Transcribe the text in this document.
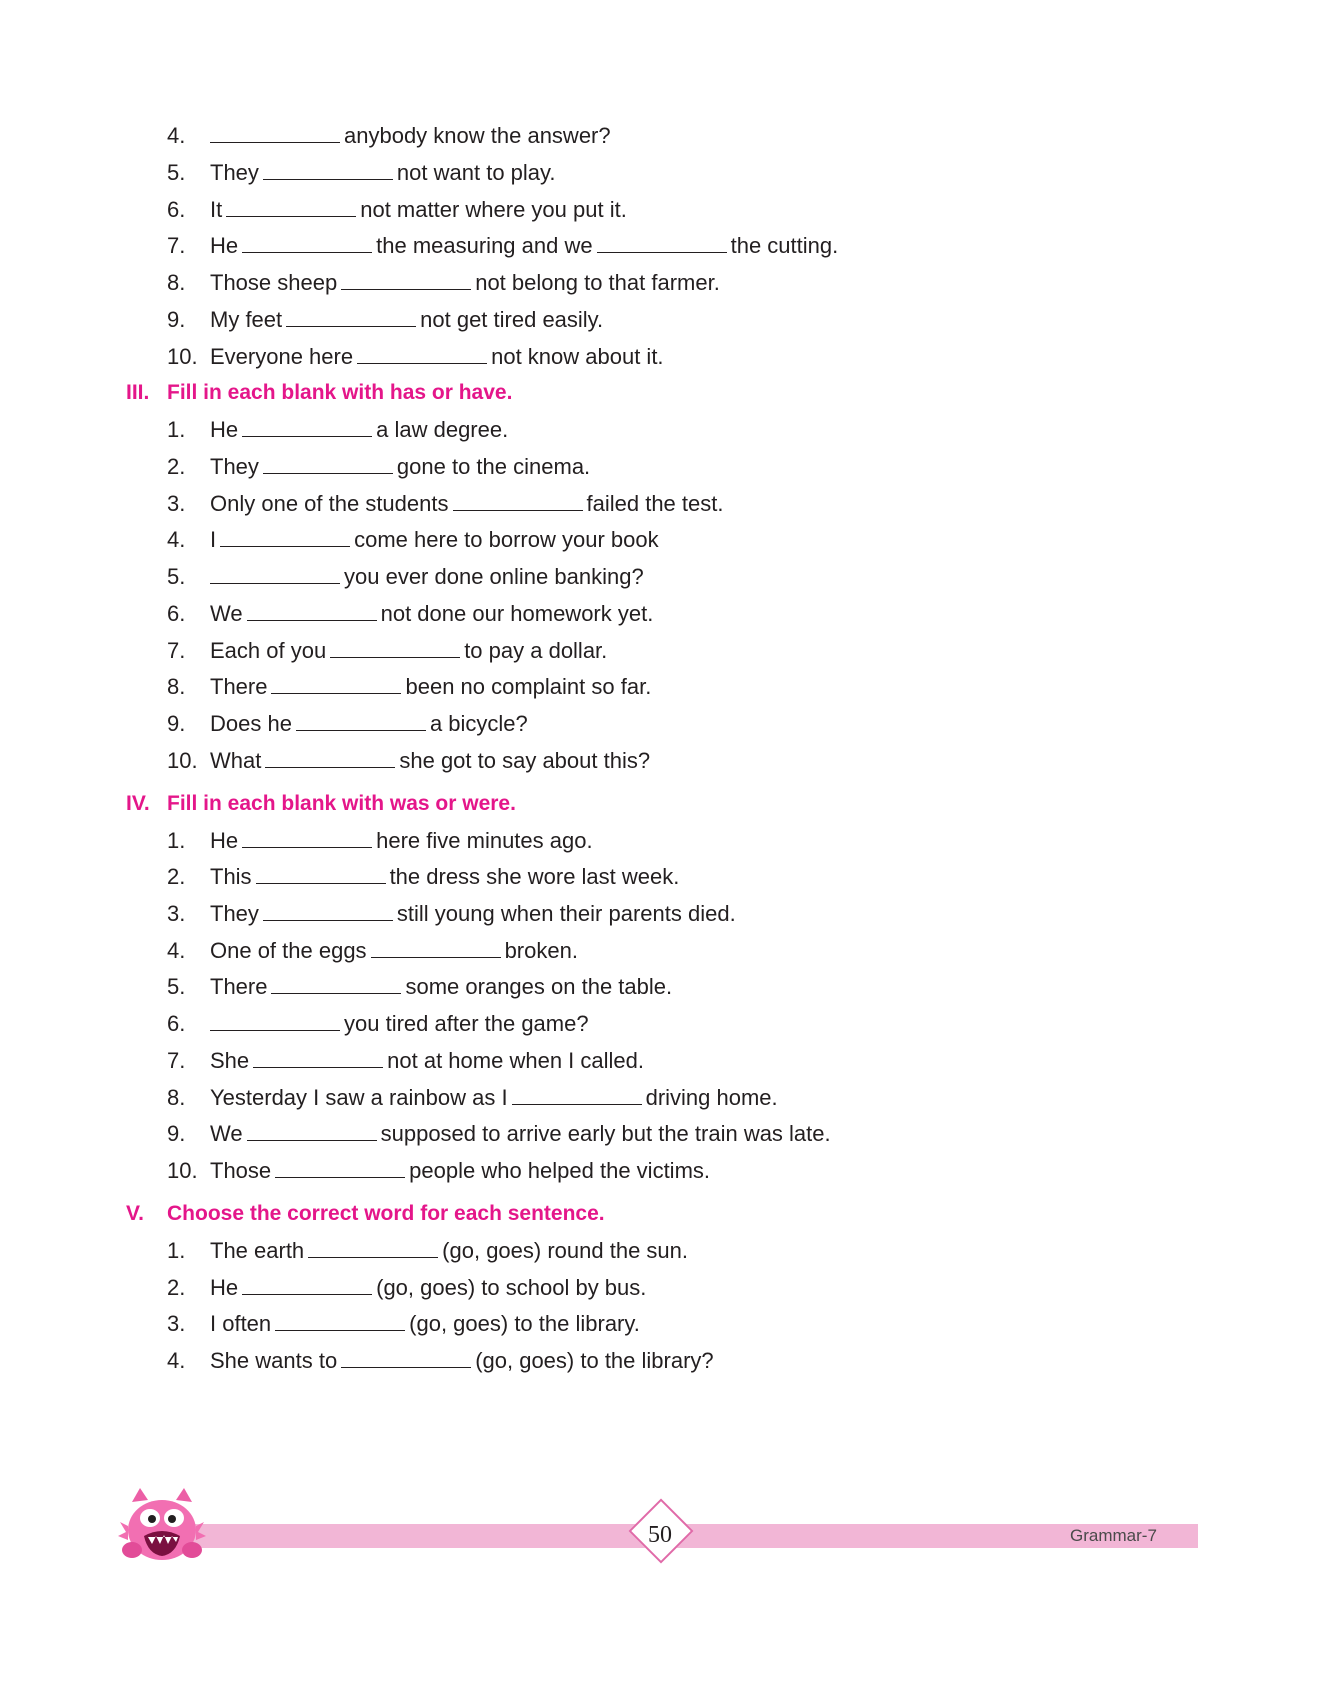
4.	anybody know the answer?
5.	They	not want to play.
6.	It	not matter where you put it.
7.	He	the measuring and we	the cutting.
8.	Those sheep	not belong to that farmer.
9.	My feet	not get tired easily.
10. Everyone here	not know about it.
III. Fill in each blank with has or have.
1.	He	a law degree.
2.	They	gone to the cinema.
3.	Only one of the students	failed the test.
4.	I	come here to borrow your book
5.	you ever done online banking?
6.	We	not done our homework yet.
7.	Each of you	to pay a dollar.
8.	There	been no complaint so far.
9.	Does he	a bicycle?
10. What	she got to say about this?
IV. Fill in each blank with was or were.
1.	He	here five minutes ago.
2.	This	the dress she wore last week.
3.	They	still young when their parents died.
4.	One of the eggs	broken.
5.	There	some oranges on the table.
6.	you tired after the game?
7.	She	not at home when I called.
8.	Yesterday I saw a rainbow as I	driving home.
9.	We	supposed to arrive early but the train was late.
10. Those	people who helped the victims.
V. Choose the correct word for each sentence.
1.	The earth	(go, goes) round the sun.
2.	He	(go, goes) to school by bus.
3.	I often	(go, goes) to the library.
4.	She wants to	(go, goes) to the library?
50	Grammar-7
